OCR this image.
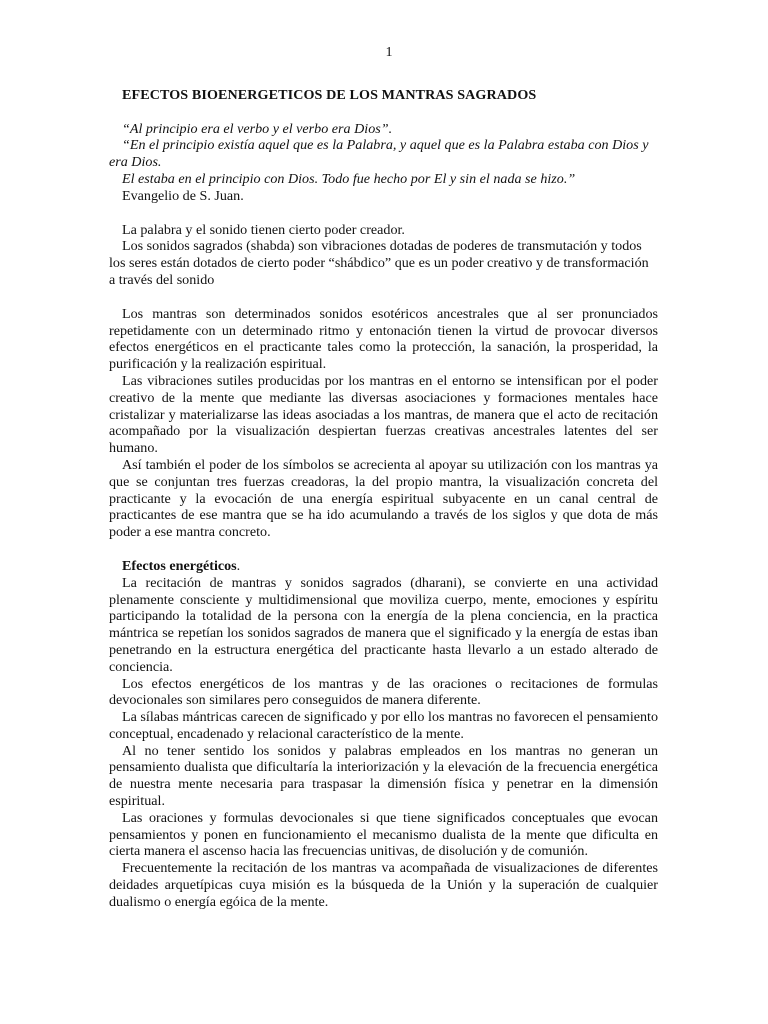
1
EFECTOS BIOENERGETICOS DE LOS MANTRAS SAGRADOS

“Al principio era el verbo y el verbo era Dios”.

“En el principio existía aquel que es la Palabra, y aquel que es la Palabra estaba con Dios y era Dios.

El estaba en el principio con Dios. Todo fue hecho por El y sin el nada se hizo.”

Evangelio de S. Juan.

La palabra y el sonido tienen cierto poder creador.

Los sonidos sagrados (shabda) son vibraciones dotadas de poderes de transmutación y todos los seres están dotados de cierto poder “shábdico” que es un poder creativo y de transformación a través del sonido

Los mantras son determinados sonidos esotéricos ancestrales que al ser pronunciados repetidamente con un determinado ritmo y entonación tienen la virtud de provocar diversos efectos energéticos en el practicante tales como la protección, la sanación, la prosperidad, la purificación y la realización espiritual.

Las vibraciones sutiles producidas por los mantras en el entorno se intensifican por el poder creativo de la mente que mediante las diversas asociaciones y formaciones mentales hace cristalizar y materializarse las ideas asociadas a los mantras, de manera que el acto de recitación acompañado por la visualización despiertan fuerzas creativas ancestrales latentes del ser humano.

Así también el poder de los símbolos se acrecienta al apoyar su utilización con los mantras ya que se conjuntan tres fuerzas creadoras, la del propio mantra, la visualización concreta del practicante y la evocación de una energía espiritual subyacente en un canal central de practicantes de ese mantra que se ha ido acumulando a través de los siglos y que dota de más poder a ese mantra concreto.

Efectos energéticos.

La recitación de mantras y sonidos sagrados (dharani), se convierte en una actividad plenamente consciente y multidimensional que moviliza cuerpo, mente, emociones y espíritu participando la totalidad de la persona con la energía de la plena conciencia, en la practica mántrica se repetían los sonidos sagrados de manera que el significado y la energía de estas iban penetrando en la estructura energética del practicante hasta llevarlo a un estado alterado de conciencia.

Los efectos energéticos de los mantras y de las oraciones o recitaciones de formulas devocionales son similares pero conseguidos de manera diferente.

La sílabas mántricas carecen de significado y por ello los mantras no favorecen el pensamiento conceptual, encadenado y relacional característico de la mente.

Al no tener sentido los sonidos y palabras empleados en los mantras no generan un pensamiento dualista que dificultaría la interiorización y la elevación de la frecuencia energética de nuestra mente necesaria para traspasar la dimensión física y penetrar en la dimensión espiritual.

Las oraciones y formulas devocionales si que tiene significados conceptuales que evocan pensamientos y ponen en funcionamiento el mecanismo dualista de la mente que dificulta en cierta manera el ascenso hacia las frecuencias unitivas, de disolución y de comunión.

Frecuentemente la recitación de los mantras va acompañada de visualizaciones de diferentes deidades arquetípicas cuya misión es la búsqueda de la Unión y la superación de cualquier dualismo o energía egóica de la mente.
